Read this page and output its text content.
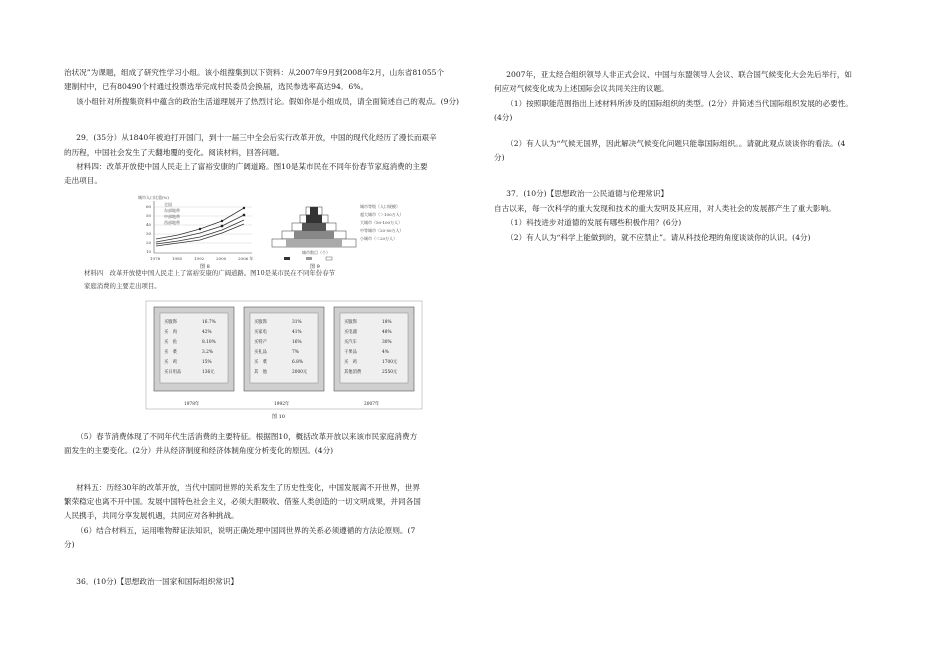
治状况”为课题，组成了研究性学习小组。该小组搜集到以下资料：从2007年9月到2008年2月，山东省81055个

建制村中，已有80490个村通过投票选举完成村民委员会换届，选民参选率高达94．6%。

该小组针对所搜集资料中蕴含的政治生活道理展开了热烈讨论。假如你是小组成员，请全面简述自己的观点。(9分)

29．(35分）从1840年被迫打开国门，到十一届三中全会后实行改革开放，中国的现代化经历了漫长而艰辛

的历程，中国社会发生了天翻地覆的变化。阅读材料，回答问题。

材料四：改革开放使中国人民走上了富裕安康的广阔道路。图10是某市民在不同年份春节家庭消费的主要

走出项目。

城市人口比重(%)
60
50
40
30
20
10
全国
东部地带
中部地带
西部地带
1978	1985	1992	2000	2006 年
图 8
城市数目（个）
城市等级（人口规模）
超大城市（＞100万人）
大城市（50-100万人）
中等城市（20-50万人）
小城市（＜20万人）
图 9

材料四　改革开放使中国人民走上了富裕安康的广阔道路。图10是某市民在不同年份春节

家庭消费的主要走出项目。

买服饰	16.7%
买　肉	42%
买　鱼	8.10%
买　菜	3.2%
买　鸡	15%
买日用品	136元
1978年
买服饰	31%
买家电	41%
买特产	16%
买礼品	7%
买　菜	6.8%
其　他	2000元
1992年
买服饰	18%
买电器	48%
买汽车	30%
干果品	4%
买　鸡	1700元
其他消费	2550元
2007年
图 10

（5）春节消费体现了不同年代生活消费的主要特征。根据图10，概括改革开放以来该市民家庭消费方

面发生的主要变化。(2分）并从经济制度和经济体制角度分析变化的原因。(4分)

材料五：历经30年的改革开放，当代中国同世界的关系发生了历史性变化，中国发展离不开世界，世界

繁荣稳定也离不开中国。发展中国特色社会主义，必须大胆吸收、借鉴人类创造的一切文明成果，并同各国

人民携手，共同分享发展机遇，共同应对各种挑战。

（6）结合材料五，运用唯物辩证法知识，说明正确处理中国同世界的关系必须遵循的方法论原则。(7

分)

36．(10分)【思想政治一国家和国际组织常识】

2007年，亚太经合组织领导人非正式会议、中国与东盟领导人会议、联合国气候变化大会先后举行，如

何应对气候变化成为上述国际会议共同关注的议题。

（1）按照职能范围指出上述材料所涉及的国际组织的类型。(2分）并简述当代国际组织发展的必要性。

(4分)

（2）有人认为“气候无国界，因此解决气候变化问题只能靠国际组织。。请就此观点谈谈你的看法。(4

分)

37．(10分)【思想政治一公民道德与伦理常识】

自古以来，每一次科学的重大发现和技术的重大发明及其应用，对人类社会的发展都产生了重大影响。

（1）科技进步对道德的发展有哪些积极作用？(6分)

（2）有人认为“科学上能做到的，就不应禁止”。请从科技伦理的角度谈谈你的认识。(4分)
